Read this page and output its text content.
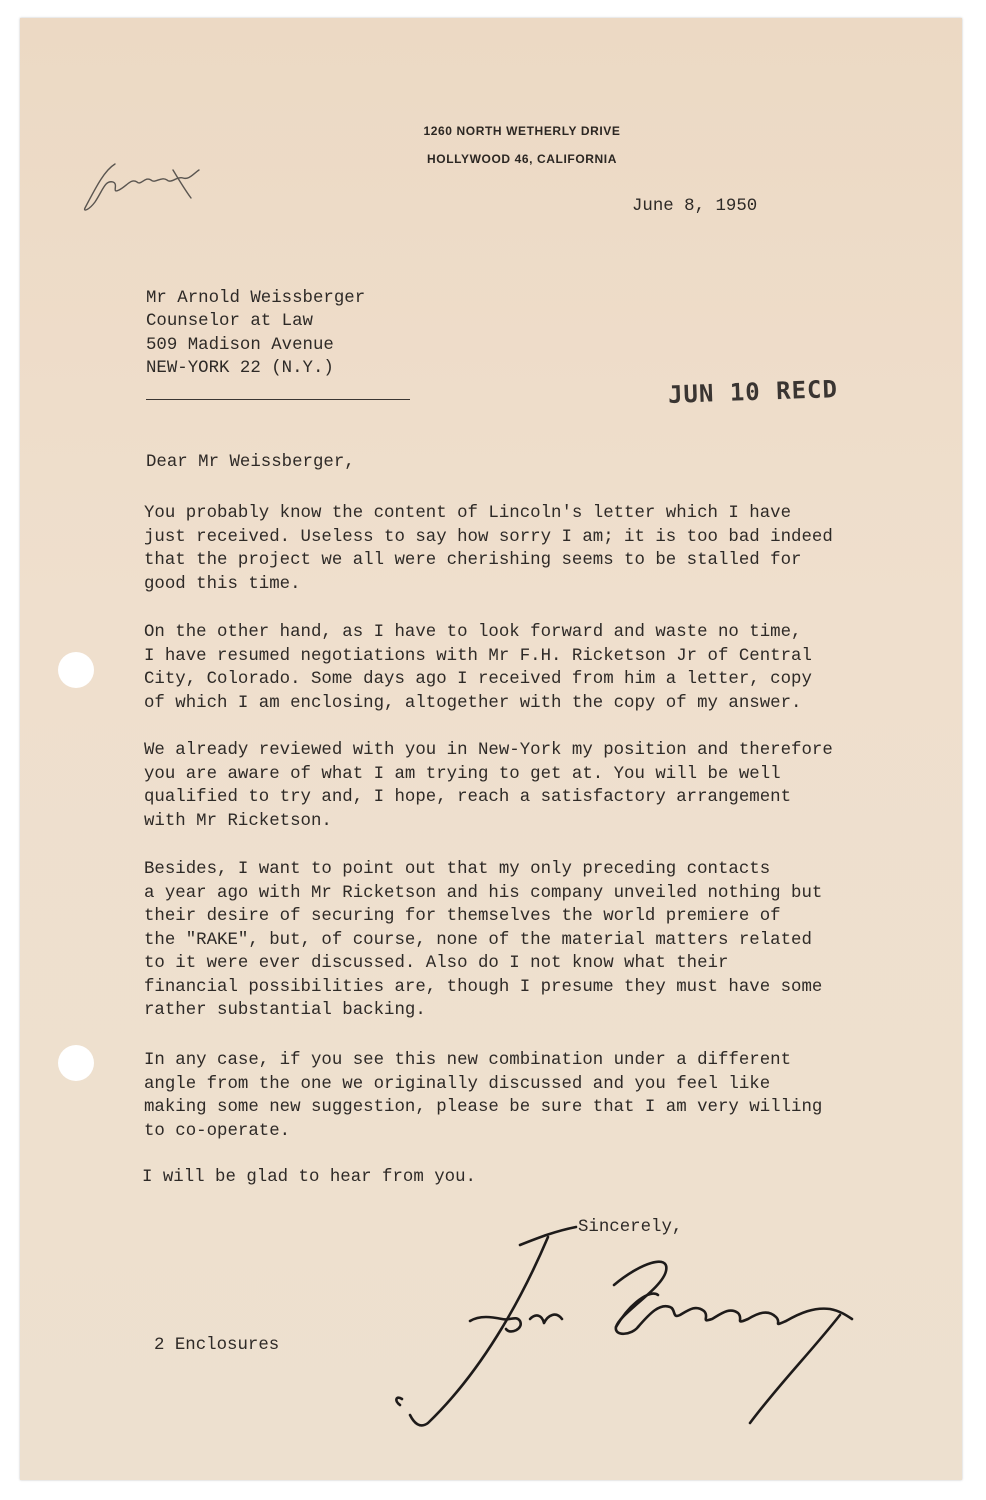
1260 NORTH WETHERLY DRIVE
HOLLYWOOD 46, CALIFORNIA
June 8, 1950
Mr Arnold Weissberger
Counselor at Law
509 Madison Avenue
NEW-YORK 22 (N.Y.)
JUN 10 RECD
Dear Mr Weissberger,
You probably know the content of Lincoln's letter which I have
just received. Useless to say how sorry I am; it is too bad indeed
that the project we all were cherishing seems to be stalled for
good this time.
On the other hand, as I have to look forward and waste no time,
I have resumed negotiations with Mr F.H. Ricketson Jr of Central
City, Colorado. Some days ago I received from him a letter, copy
of which I am enclosing, altogether with the copy of my answer.
We already reviewed with you in New-York my position and therefore
you are aware of what I am trying to get at. You will be well
qualified to try and, I hope, reach a satisfactory arrangement
with Mr Ricketson.
Besides, I want to point out that my only preceding contacts
a year ago with Mr Ricketson and his company unveiled nothing but
their desire of securing for themselves the world premiere of
the "RAKE", but, of course, none of the material matters related
to it were ever discussed. Also do I not know what their
financial possibilities are, though I presume they must have some
rather substantial backing.
In any case, if you see this new combination under a different
angle from the one we originally discussed and you feel like
making some new suggestion, please be sure that I am very willing
to co-operate.
I will be glad to hear from you.
Sincerely,
2 Enclosures
